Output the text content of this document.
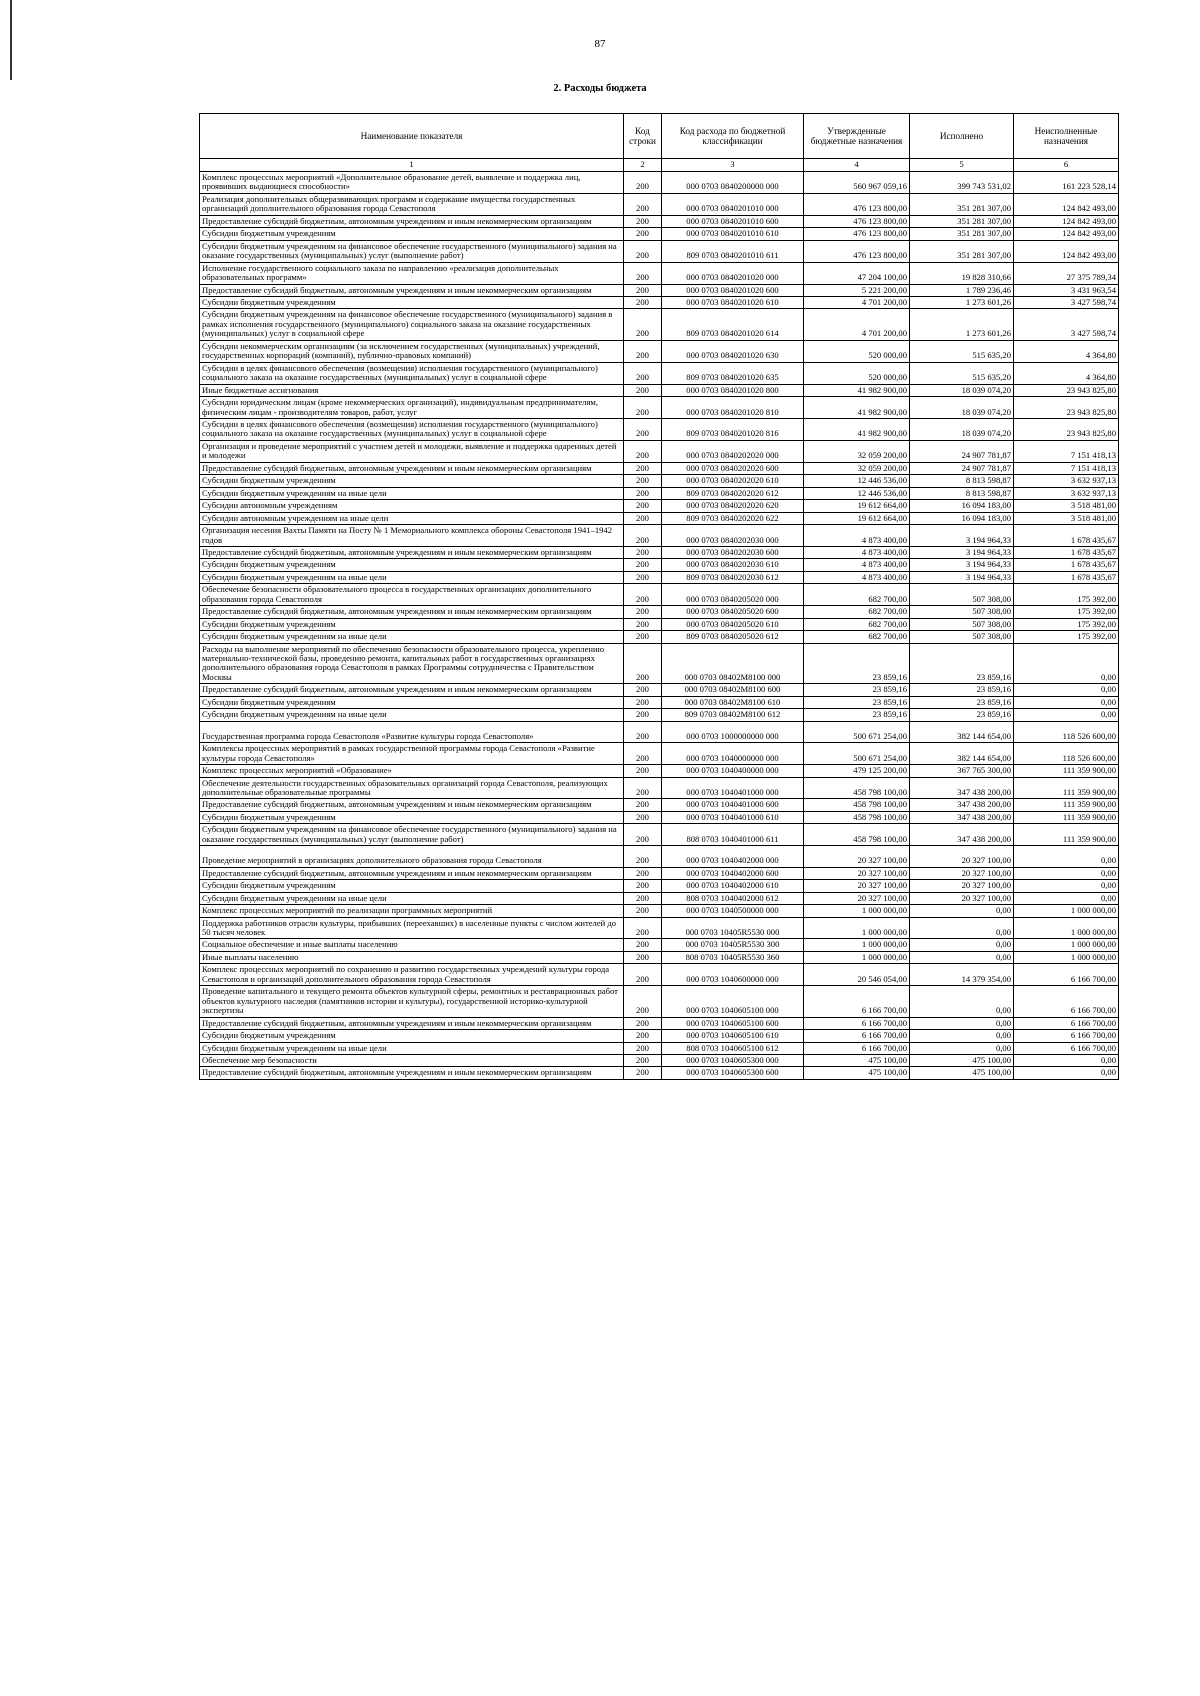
87
2. Расходы бюджета
Наименование показателя	Код строки	Код расхода по бюджетной классификации	Утвержденные бюджетные назначения	Исполнено	Неисполненные назначения
1	2	3	4	5	6
Комплекс процессных мероприятий «Дополнительное образование детей, выявление и поддержка лиц, проявивших выдающиеся способности»	200	000 0703 0840200000 000	560 967 059,16	399 743 531,02	161 223 528,14
Реализация дополнительных общеразвивающих программ и содержание имущества государственных организаций дополнительного образования города Севастополя	200	000 0703 0840201010 000	476 123 800,00	351 281 307,00	124 842 493,00
Предоставление субсидий бюджетным, автономным учреждениям и иным некоммерческим организациям	200	000 0703 0840201010 600	476 123 800,00	351 281 307,00	124 842 493,00
Субсидии бюджетным учреждениям	200	000 0703 0840201010 610	476 123 800,00	351 281 307,00	124 842 493,00
Субсидии бюджетным учреждениям на финансовое обеспечение государственного (муниципального) задания на оказание государственных (муниципальных) услуг (выполнение работ)	200	809 0703 0840201010 611	476 123 800,00	351 281 307,00	124 842 493,00
Исполнение государственного социального заказа по направлению «реализация дополнительных образовательных программ»	200	000 0703 0840201020 000	47 204 100,00	19 828 310,66	27 375 789,34
Предоставление субсидий бюджетным, автономным учреждениям и иным некоммерческим организациям	200	000 0703 0840201020 600	5 221 200,00	1 789 236,46	3 431 963,54
Субсидии бюджетным учреждениям	200	000 0703 0840201020 610	4 701 200,00	1 273 601,26	3 427 598,74
Субсидии бюджетным учреждениям на финансовое обеспечение государственного (муниципального) задания в рамках исполнения государственного (муниципального) социального заказа на оказание государственных (муниципальных) услуг в социальной сфере	200	809 0703 0840201020 614	4 701 200,00	1 273 601,26	3 427 598,74
Субсидии некоммерческим организациям (за исключением государственных (муниципальных) учреждений, государственных корпораций (компаний), публично-правовых компаний)	200	000 0703 0840201020 630	520 000,00	515 635,20	4 364,80
Субсидии в целях финансового обеспечения (возмещения) исполнения государственного (муниципального) социального заказа на оказание государственных (муниципальных) услуг в социальной сфере	200	809 0703 0840201020 635	520 000,00	515 635,20	4 364,80
Иные бюджетные ассигнования	200	000 0703 0840201020 800	41 982 900,00	18 039 074,20	23 943 825,80
Субсидии юридическим лицам (кроме некоммерческих организаций), индивидуальным предпринимателям, физическим лицам - производителям товаров, работ, услуг	200	000 0703 0840201020 810	41 982 900,00	18 039 074,20	23 943 825,80
Субсидии в целях финансового обеспечения (возмещения) исполнения государственного (муниципального) социального заказа на оказание государственных (муниципальных) услуг в социальной сфере	200	809 0703 0840201020 816	41 982 900,00	18 039 074,20	23 943 825,80
Организация и проведение мероприятий с участием детей и молодежи, выявление и поддержка одаренных детей и молодежи	200	000 0703 0840202020 000	32 059 200,00	24 907 781,87	7 151 418,13
Предоставление субсидий бюджетным, автономным учреждениям и иным некоммерческим организациям	200	000 0703 0840202020 600	32 059 200,00	24 907 781,87	7 151 418,13
Субсидии бюджетным учреждениям	200	000 0703 0840202020 610	12 446 536,00	8 813 598,87	3 632 937,13
Субсидии бюджетным учреждениям на иные цели	200	809 0703 0840202020 612	12 446 536,00	8 813 598,87	3 632 937,13
Субсидии автономным учреждениям	200	000 0703 0840202020 620	19 612 664,00	16 094 183,00	3 518 481,00
Субсидии автономным учреждениям на иные цели	200	809 0703 0840202020 622	19 612 664,00	16 094 183,00	3 518 481,00
Организация несения Вахты Памяти на Посту № 1 Мемориального комплекса обороны Севастополя 1941–1942 годов	200	000 0703 0840202030 000	4 873 400,00	3 194 964,33	1 678 435,67
Предоставление субсидий бюджетным, автономным учреждениям и иным некоммерческим организациям	200	000 0703 0840202030 600	4 873 400,00	3 194 964,33	1 678 435,67
Субсидии бюджетным учреждениям	200	000 0703 0840202030 610	4 873 400,00	3 194 964,33	1 678 435,67
Субсидии бюджетным учреждениям на иные цели	200	809 0703 0840202030 612	4 873 400,00	3 194 964,33	1 678 435,67
Обеспечение безопасности образовательного процесса в государственных организациях дополнительного образования города Севастополя	200	000 0703 0840205020 000	682 700,00	507 308,00	175 392,00
Предоставление субсидий бюджетным, автономным учреждениям и иным некоммерческим организациям	200	000 0703 0840205020 600	682 700,00	507 308,00	175 392,00
Субсидии бюджетным учреждениям	200	000 0703 0840205020 610	682 700,00	507 308,00	175 392,00
Субсидии бюджетным учреждениям на иные цели	200	809 0703 0840205020 612	682 700,00	507 308,00	175 392,00
Расходы на выполнение мероприятий по обеспечению безопасности образовательного процесса, укреплению материально-технической базы, проведению ремонта, капитальных работ в государственных организациях дополнительного образования города Севастополя в рамках Программы сотрудничества с Правительством Москвы	200	000 0703 08402M8100 000	23 859,16	23 859,16	0,00
Предоставление субсидий бюджетным, автономным учреждениям и иным некоммерческим организациям	200	000 0703 08402M8100 600	23 859,16	23 859,16	0,00
Субсидии бюджетным учреждениям	200	000 0703 08402M8100 610	23 859,16	23 859,16	0,00
Субсидии бюджетным учреждениям на иные цели	200	809 0703 08402M8100 612	23 859,16	23 859,16	0,00

Государственная программа города Севастополя «Развитие культуры города Севастополя»	200	000 0703 1000000000 000	500 671 254,00	382 144 654,00	118 526 600,00
Комплексы процессных мероприятий в рамках государственной программы города Севастополя «Развитие культуры города Севастополя»	200	000 0703 1040000000 000	500 671 254,00	382 144 654,00	118 526 600,00
Комплекс процессных мероприятий «Образование»	200	000 0703 1040400000 000	479 125 200,00	367 765 300,00	111 359 900,00
Обеспечение деятельности государственных образовательных организаций города Севастополя, реализующих дополнительные образовательные программы	200	000 0703 1040401000 000	458 798 100,00	347 438 200,00	111 359 900,00
Предоставление субсидий бюджетным, автономным учреждениям и иным некоммерческим организациям	200	000 0703 1040401000 600	458 798 100,00	347 438 200,00	111 359 900,00
Субсидии бюджетным учреждениям	200	000 0703 1040401000 610	458 798 100,00	347 438 200,00	111 359 900,00
Субсидии бюджетным учреждениям на финансовое обеспечение государственного (муниципального) задания на оказание государственных (муниципальных) услуг (выполнение работ)	200	808 0703 1040401000 611	458 798 100,00	347 438 200,00	111 359 900,00

Проведение мероприятий в организациях дополнительного образования города Севастополя	200	000 0703 1040402000 000	20 327 100,00	20 327 100,00	0,00
Предоставление субсидий бюджетным, автономным учреждениям и иным некоммерческим организациям	200	000 0703 1040402000 600	20 327 100,00	20 327 100,00	0,00
Субсидии бюджетным учреждениям	200	000 0703 1040402000 610	20 327 100,00	20 327 100,00	0,00
Субсидии бюджетным учреждениям на иные цели	200	808 0703 1040402000 612	20 327 100,00	20 327 100,00	0,00
Комплекс процессных мероприятий по реализации программных мероприятий	200	000 0703 1040500000 000	1 000 000,00	0,00	1 000 000,00
Поддержка работников отрасли культуры, прибывших (переехавших) в населенные пункты с числом жителей до 50 тысяч человек	200	000 0703 10405R5530 000	1 000 000,00	0,00	1 000 000,00
Социальное обеспечение и иные выплаты населению	200	000 0703 10405R5530 300	1 000 000,00	0,00	1 000 000,00
Иные выплаты населению	200	808 0703 10405R5530 360	1 000 000,00	0,00	1 000 000,00
Комплекс процессных мероприятий по сохранению и развитию государственных учреждений культуры города Севастополя и организаций дополнительного образования города Севастополя	200	000 0703 1040600000 000	20 546 054,00	14 379 354,00	6 166 700,00
Проведение капитального и текущего ремонта объектов культурной сферы, ремонтных и реставрационных работ объектов культурного наследия (памятников истории и культуры), государственной историко-культурной экспертизы	200	000 0703 1040605100 000	6 166 700,00	0,00	6 166 700,00
Предоставление субсидий бюджетным, автономным учреждениям и иным некоммерческим организациям	200	000 0703 1040605100 600	6 166 700,00	0,00	6 166 700,00
Субсидии бюджетным учреждениям	200	000 0703 1040605100 610	6 166 700,00	0,00	6 166 700,00
Субсидии бюджетным учреждениям на иные цели	200	808 0703 1040605100 612	6 166 700,00	0,00	6 166 700,00
Обеспечение мер безопасности	200	000 0703 1040605300 000	475 100,00	475 100,00	0,00
Предоставление субсидий бюджетным, автономным учреждениям и иным некоммерческим организациям	200	000 0703 1040605300 600	475 100,00	475 100,00	0,00
